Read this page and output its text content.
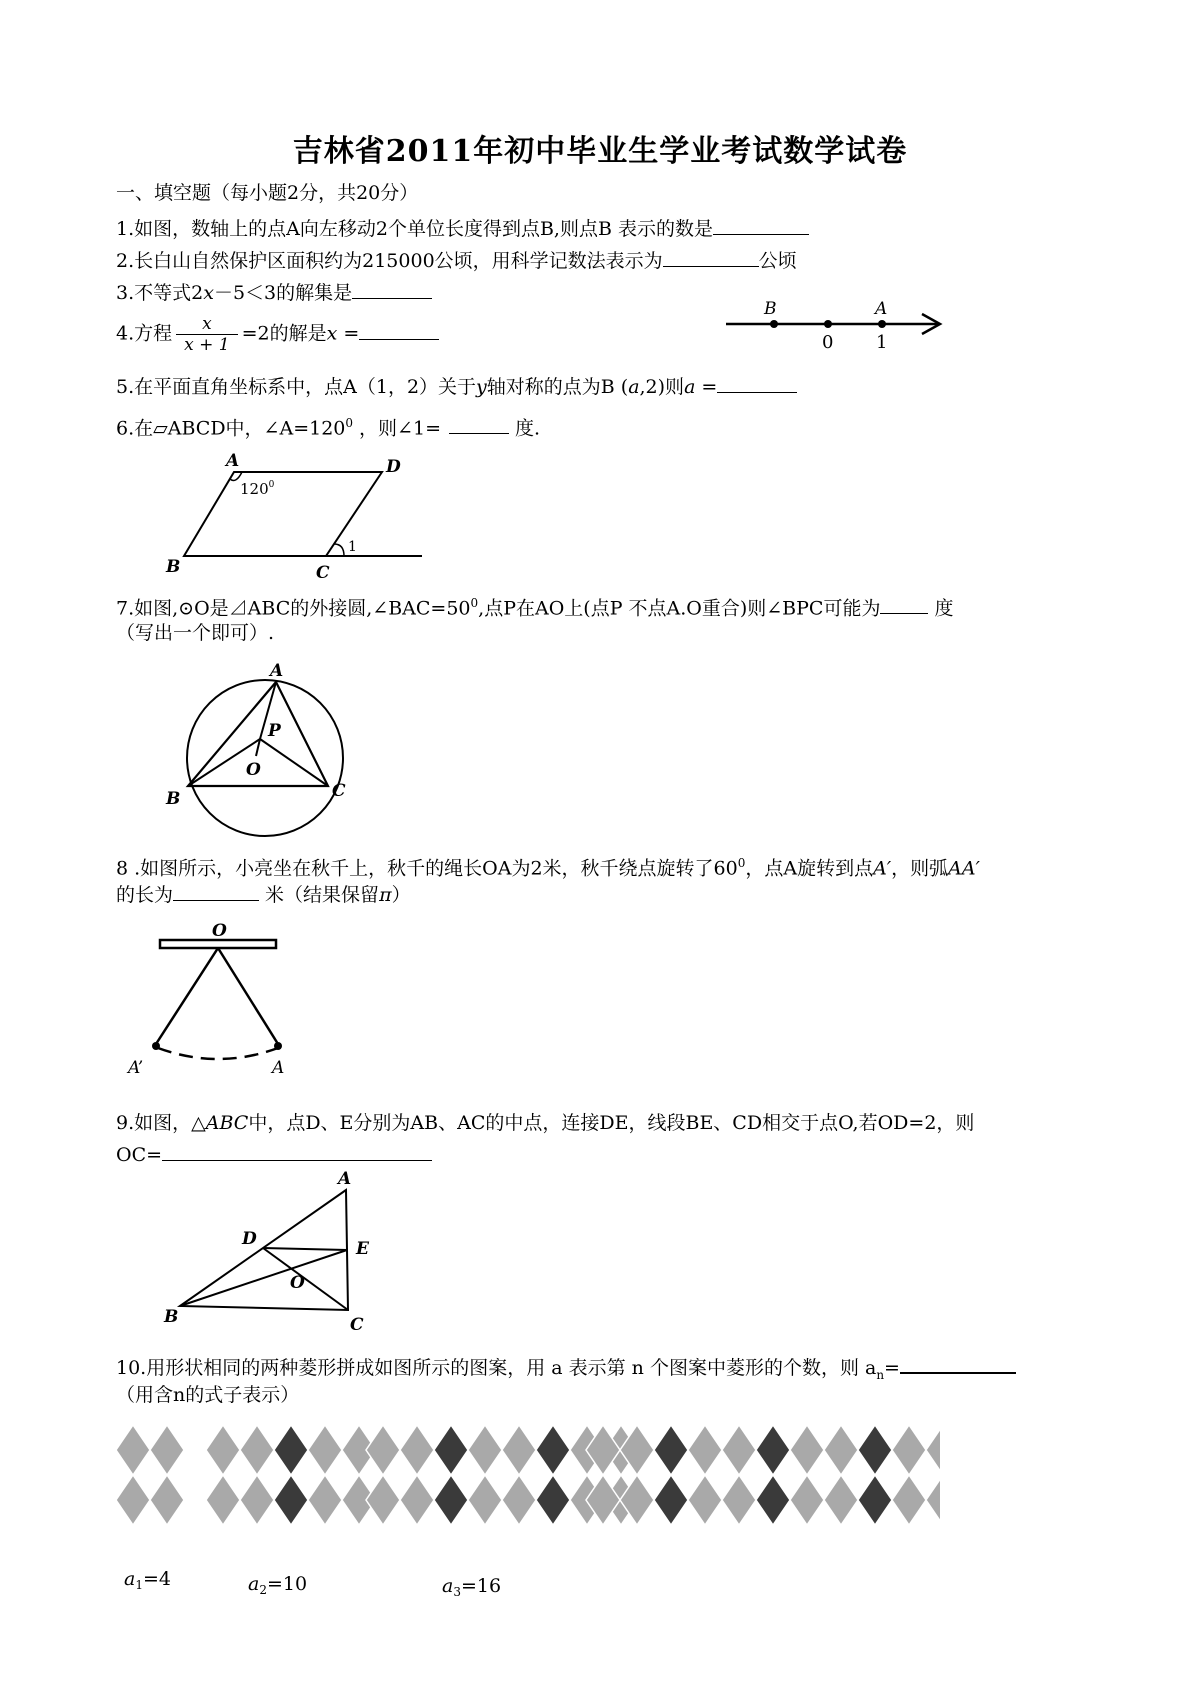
吉林省2011年初中毕业生学业考试数学试卷
一、填空题（每小题2分，共20分）
1.如图，数轴上的点A向左移动2个单位长度得到点B,则点B 表示的数是
2.长白山自然保护区面积约为215000公顷，用科学记数法表示为	公顷
3.不等式2x－5＜3的解集是
4.方程 $\frac{x}{x + 1} =2$的解是x =
5.在平面直角坐标系中，点A（1，2）关于y轴对称的点为B (a,2)则a =
6.在▱ABCD中，$\angle A=120^0$ ，则∠1=	度.
7.如图,⊙O是⊿ABC的外接圆$,\angle BAC=50^0$,点P在AO上(点P 不点A.O重合)则∠BPC可能为	度
（写出一个即可）.
8 .如图所示，小亮坐在秋千上，秋千的绳长OA为2米，秋千绕点旋转了$60^0$，点A旋转到点A′，则弧AA′
的长为	米（结果保留π）
9.如图，△ABC中，点D、E分别为AB、AC的中点，连接DE，线段BE、CD相交于点O,若OD=2，则
OC=
10.用形状相同的两种菱形拼成如图所示的图案，用 a 表示第 n 个图案中菱形的个数，则 $a_n=$
（用含n的式子表示）
B	A
0 1
A	D
B	C
$120^0$
1
A
P
O
B	C
O
A’	A
A
D	E
O
B	C
$a_1=4$	$a_2=10$	$a_3=16$
